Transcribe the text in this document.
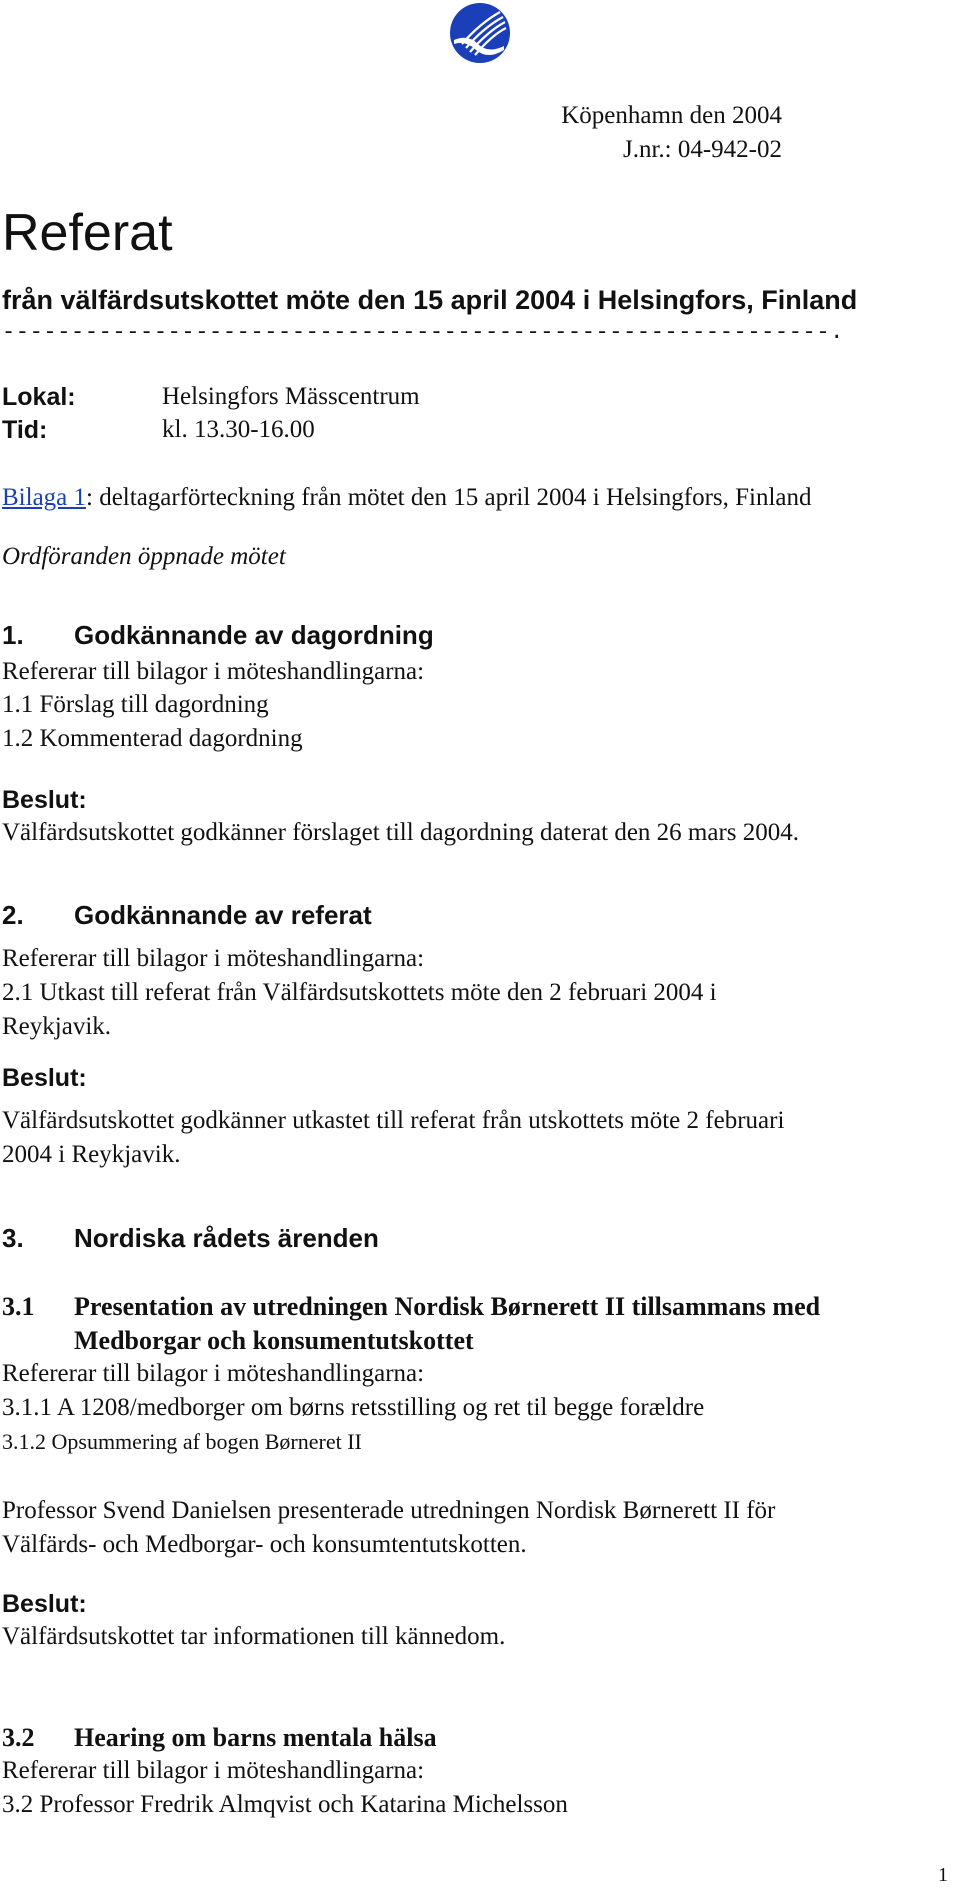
Köpenhamn den 2004
J.nr.: 04-942-02
Referat
från välfärdsutskottet möte den 15 april 2004 i Helsingfors, Finland
------------------------------------------------------------.
Lokal:	Helsingfors Mässcentrum
Tid:	kl. 13.30-16.00
Bilaga 1: deltagarförteckning från mötet den 15 april 2004 i Helsingfors, Finland
Ordföranden öppnade mötet
1. Godkännande av dagordning
Refererar till bilagor i möteshandlingarna:
1.1 Förslag till dagordning
1.2 Kommenterad dagordning
Beslut:
Välfärdsutskottet godkänner förslaget till dagordning daterat den 26 mars 2004.
2. Godkännande av referat
Refererar till bilagor i möteshandlingarna:
2.1 Utkast till referat från Välfärdsutskottets möte den 2 februari 2004 i
Reykjavik.
Beslut:
Välfärdsutskottet godkänner utkastet till referat från utskottets möte 2 februari
2004 i Reykjavik.
3. Nordiska rådets ärenden
3.1 Presentation av utredningen Nordisk Børnerett II tillsammans med
Medborgar och konsumentutskottet
Refererar till bilagor i möteshandlingarna:
3.1.1 A 1208/medborger om børns retsstilling og ret til begge forældre
3.1.2 Opsummering af bogen Børneret II
Professor Svend Danielsen presenterade utredningen Nordisk Børnerett II för
Välfärds- och Medborgar- och konsumtentutskotten.
Beslut:
Välfärdsutskottet tar informationen till kännedom.
3.2 Hearing om barns mentala hälsa
Refererar till bilagor i möteshandlingarna:
3.2 Professor Fredrik Almqvist och Katarina Michelsson
1
